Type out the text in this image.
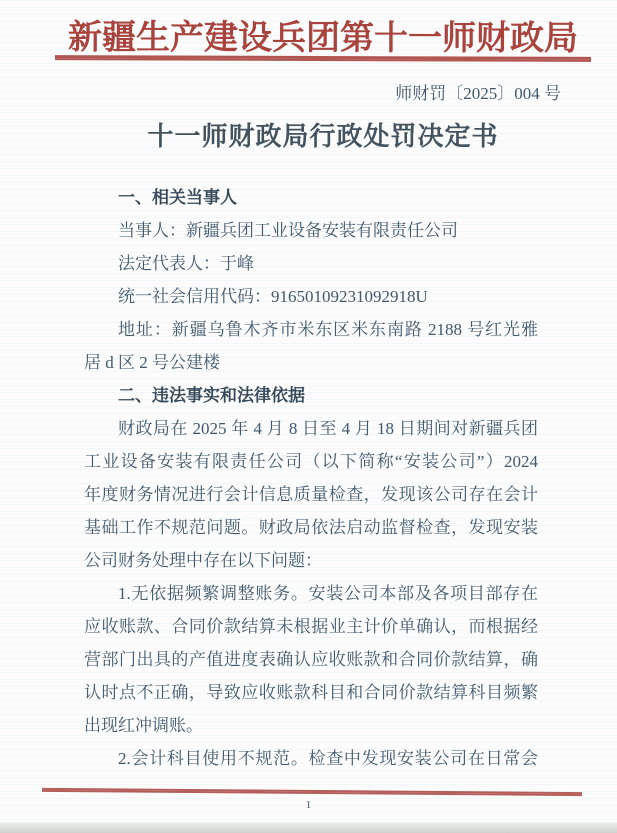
新疆生产建设兵团第十一师财政局
师财罚〔2025〕004 号
十一师财政局行政处罚决定书
一、相关当事人
当事人：新疆兵团工业设备安装有限责任公司
法定代表人：于峰
统一社会信用代码：91650109231092918U
地址：新疆乌鲁木齐市米东区米东南路 2188 号红光雅
居 d 区 2 号公建楼
二、违法事实和法律依据
财政局在 2025 年 4 月 8 日至 4 月 18 日期间对新疆兵团
工业设备安装有限责任公司（以下简称“安装公司”）2024
年度财务情况进行会计信息质量检查，发现该公司存在会计
基础工作不规范问题。财政局依法启动监督检查，发现安装
公司财务处理中存在以下问题：
1.无依据频繁调整账务。安装公司本部及各项目部存在
应收账款、合同价款结算未根据业主计价单确认，而根据经
营部门出具的产值进度表确认应收账款和合同价款结算，确
认时点不正确，导致应收账款科目和合同价款结算科目频繁
出现红冲调账。
2.会计科目使用不规范。检查中发现安装公司在日常会
1
